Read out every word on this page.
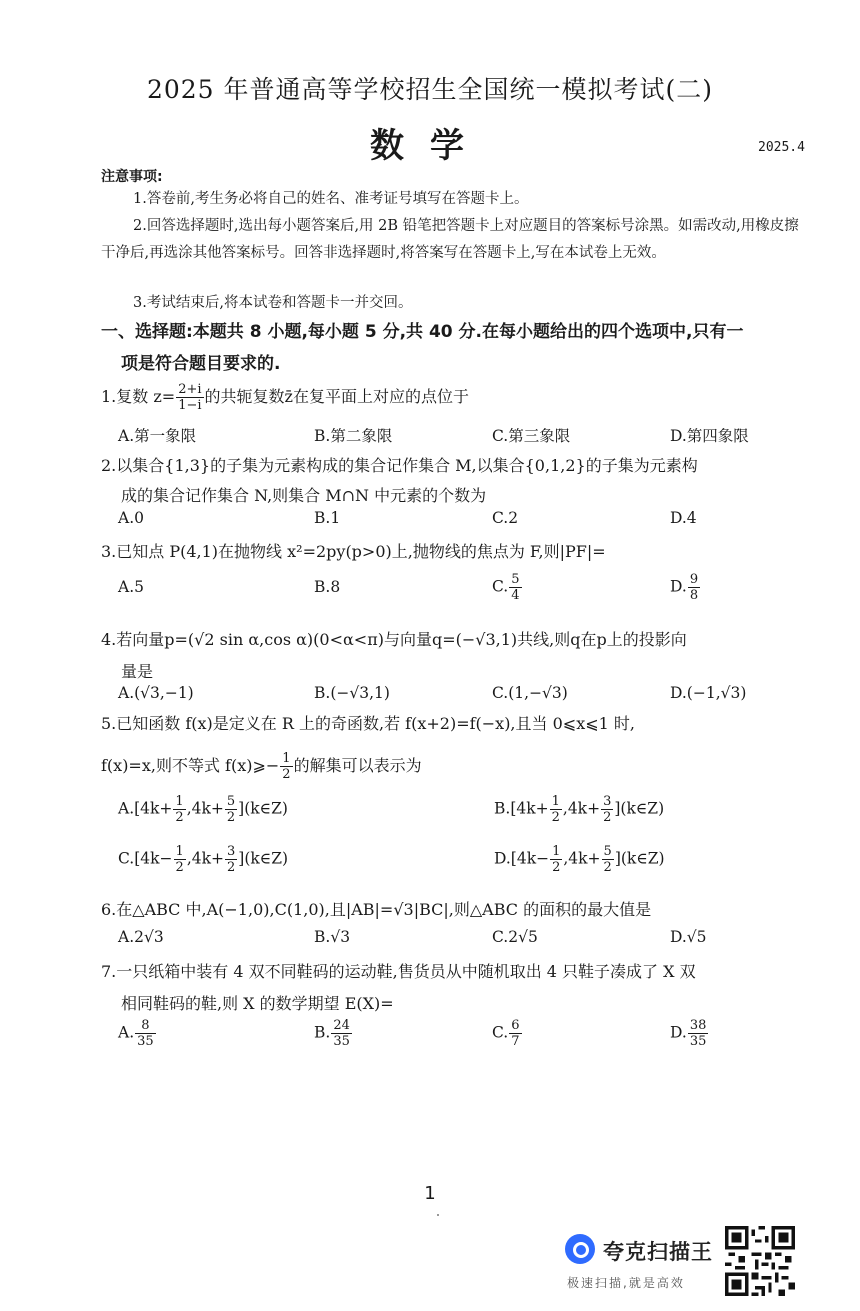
2025 年普通高等学校招生全国统一模拟考试(二)
数学	2025.4
注意事项:
1.答卷前,考生务必将自己的姓名、准考证号填写在答题卡上。
2.回答选择题时,选出每小题答案后,用 2B 铅笔把答题卡上对应题目的答案标号涂黑。如需改动,用橡皮擦干净后,再选涂其他答案标号。回答非选择题时,将答案写在答题卡上,写在本试卷上无效。
3.考试结束后,将本试卷和答题卡一并交回。
一、选择题:本题共 8 小题,每小题 5 分,共 40 分.在每小题给出的四个选项中,只有一
项是符合题目要求的.
1.复数 $z= \frac{2+i}{1-i}$ 的共轭复数z̄在复平面上对应的点位于
A.第一象限	B.第二象限	C.第三象限	D.第四象限
2.以集合{1,3}的子集为元素构成的集合记作集合 M,以集合{0,1,2}的子集为元素构
成的集合记作集合 N,则集合 M∩N 中元素的个数为
A.0	B.1	C.2	D.4
3.已知点 P(4,1)在抛物线 x²=2py(p>0)上,抛物线的焦点为 F,则|PF|=
A.5	B.8	C. $\frac{5}{4}$	D. $\frac{9}{8}$
4.若向量p=(√2 sin α,cos α)(0<α<π)与向量q=(−√3,1)共线,则q在p上的投影向
量是
A.(√3,−1)	B.(−√3,1)	C.(1,−√3)	D.(−1,√3)
5.已知函数 f(x)是定义在 R 上的奇函数,若 f(x+2)=f(−x),且当 0⩽x⩽1 时,
f(x)=x,则不等式 f(x)⩾− $\frac{1}{2}$ 的解集可以表示为
$A.[4k+ \frac{1}{2} ,4k+ \frac{5}{2}$ ](k∈Z)	$B.[4k+ \frac{1}{2} ,4k+ \frac{3}{2}$ ](k∈Z)
$C.[4k- \frac{1}{2} ,4k+ \frac{3}{2}$ ](k∈Z)	$D.[4k- \frac{1}{2} ,4k+ \frac{5}{2}$ ](k∈Z)
6.在△ABC 中,A(−1,0),C(1,0),且|AB|=√3|BC|,则△ABC 的面积的最大值是
A.2√3	B.√3	C.2√5	D.√5
7.一只纸箱中装有 4 双不同鞋码的运动鞋,售货员从中随机取出 4 只鞋子凑成了 X 双
相同鞋码的鞋,则 X 的数学期望 E(X)=
A. $\frac{8}{35}$	B. $\frac{24}{35}$	C. $\frac{6}{7}$	D. $\frac{38}{35}$
1
夸克扫描王
极速扫描,就是高效
